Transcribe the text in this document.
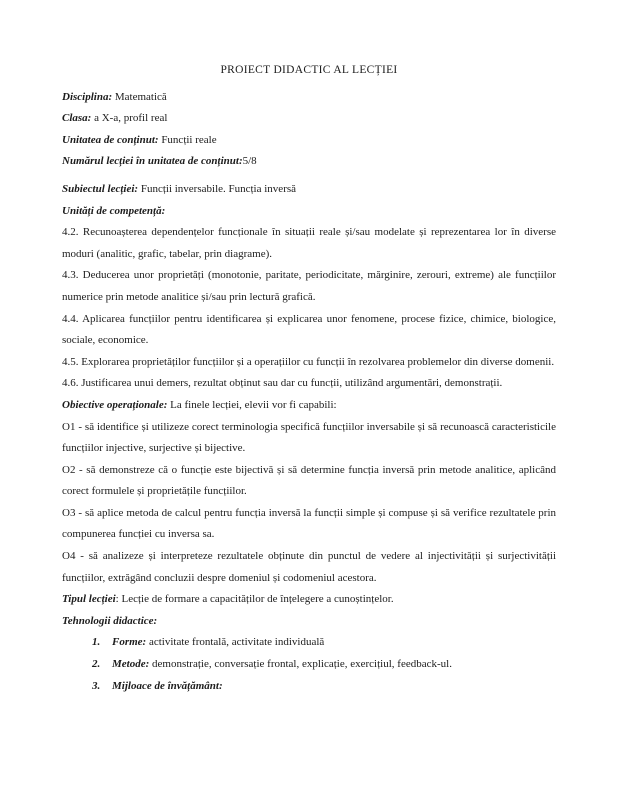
PROIECT DIDACTIC AL LECȚIEI

Disciplina: Matematică

Clasa: a X-a, profil real

Unitatea de conținut: Funcții reale

Numărul lecției în unitatea de conținut:5/8

Subiectul lecției: Funcții inversabile. Funcția inversă

Unități de competență:

4.2. Recunoașterea dependențelor funcționale în situații reale și/sau modelate și reprezentarea lor în diverse moduri (analitic, grafic, tabelar, prin diagrame).

4.3. Deducerea unor proprietăți (monotonie, paritate, periodicitate, mărginire, zerouri, extreme) ale funcțiilor numerice prin metode analitice și/sau prin lectură grafică.

4.4. Aplicarea funcțiilor pentru identificarea și explicarea unor fenomene, procese fizice, chimice, biologice, sociale, economice.

4.5. Explorarea proprietăților funcțiilor și a operațiilor cu funcții în rezolvarea problemelor din diverse domenii.

4.6. Justificarea unui demers, rezultat obținut sau dar cu funcții, utilizând argumentări, demonstrații.

Obiective operaționale: La finele lecției, elevii vor fi capabili:

O1 - să identifice și utilizeze corect terminologia specifică funcțiilor inversabile și să recunoască caracteristicile funcțiilor injective, surjective și bijective.

O2 - să demonstreze că o funcție este bijectivă și să determine funcția inversă prin metode analitice, aplicând corect formulele și proprietățile funcțiilor.

O3 - să aplice metoda de calcul pentru funcția inversă la funcții simple și compuse și să verifice rezultatele prin compunerea funcției cu inversa sa.

O4 - să analizeze și interpreteze rezultatele obținute din punctul de vedere al injectivității și surjectivității funcțiilor, extrăgând concluzii despre domeniul și codomeniul acestora.

Tipul lecției: Lecție de formare a capacităților de înțelegere a cunoștințelor.

Tehnologii didactice:

1. Forme: activitate frontală, activitate individuală

2. Metode: demonstrație, conversație frontal, explicație, exercițiul, feedback-ul.

3. Mijloace de învățământ:
